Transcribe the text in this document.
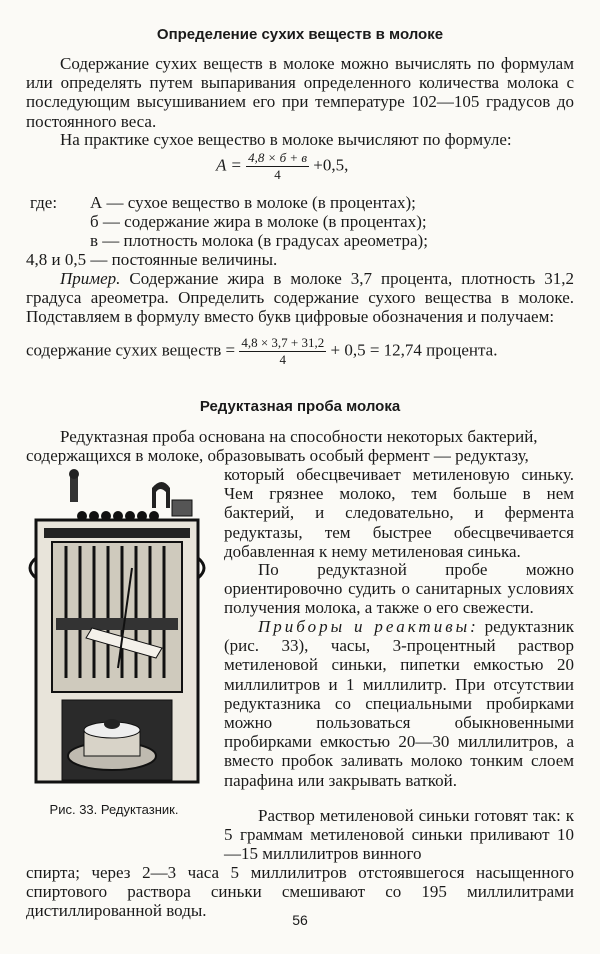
Определение сухих веществ в молоке

Содержание сухих веществ в молоке можно вычислять по формулам или определять путем выпаривания определенного количества молока с последующим высушиванием его при температуре 102—105 градусов до постоянного веса.

На практике сухое вещество в молоке вычисляют по формуле:

$A = \frac{4,8 \times б + в}{4} +0,5$,
где: А — сухое вещество в молоке (в процентах);
б — содержание жира в молоке (в процентах);
в — плотность молока (в градусах ареометра);
4,8 и 0,5 — постоянные величины.

Пример. Содержание жира в молоке 3,7 процента, плотность 31,2 градуса ареометра. Определить содержание сухого вещества в молоке. Подставляем в формулу вместо букв цифровые обозначения и получаем:

содержание сухих веществ = $\frac{4,8 \times 3,7 + 31,2}{4} + 0,5 = 12,74$ процента.
Редуктазная проба молока
Редуктазная проба основана на способности некоторых бактерий,
содержащихся в молоке, образовывать особый фермент — редуктазу,

который обесцвечивает метиленовую синьку. Чем грязнее молоко, тем больше в нем бактерий, и следовательно, и фермента редуктазы, тем быстрее обесцвечивается добавленная к нему метиленовая синька.

По редуктазной пробе можно ориентировочно судить о санитарных условиях получения молока, а также о его свежести.

Приборы и реактивы: редуктазник (рис. 33), часы, 3-процентный раствор метиленовой синьки, пипетки емкостью 20 миллилитров и 1 миллилитр. При отсутствии редуктазника со специальными пробирками можно пользоваться обыкновенными пробирками емкостью 20—30 миллилитров, а вместо пробок заливать молоко тонким слоем парафина или закрывать ваткой.

Раствор метиленовой синьки готовят так: к 5 граммам метиленовой синьки приливают 10—15 миллилитров винного

Рис. 33. Редуктазник.

спирта; через 2—3 часа 5 миллилитров отстоявшегося насыщенного спиртового раствора синьки смешивают со 195 миллилитрами дистиллированной воды.	56
